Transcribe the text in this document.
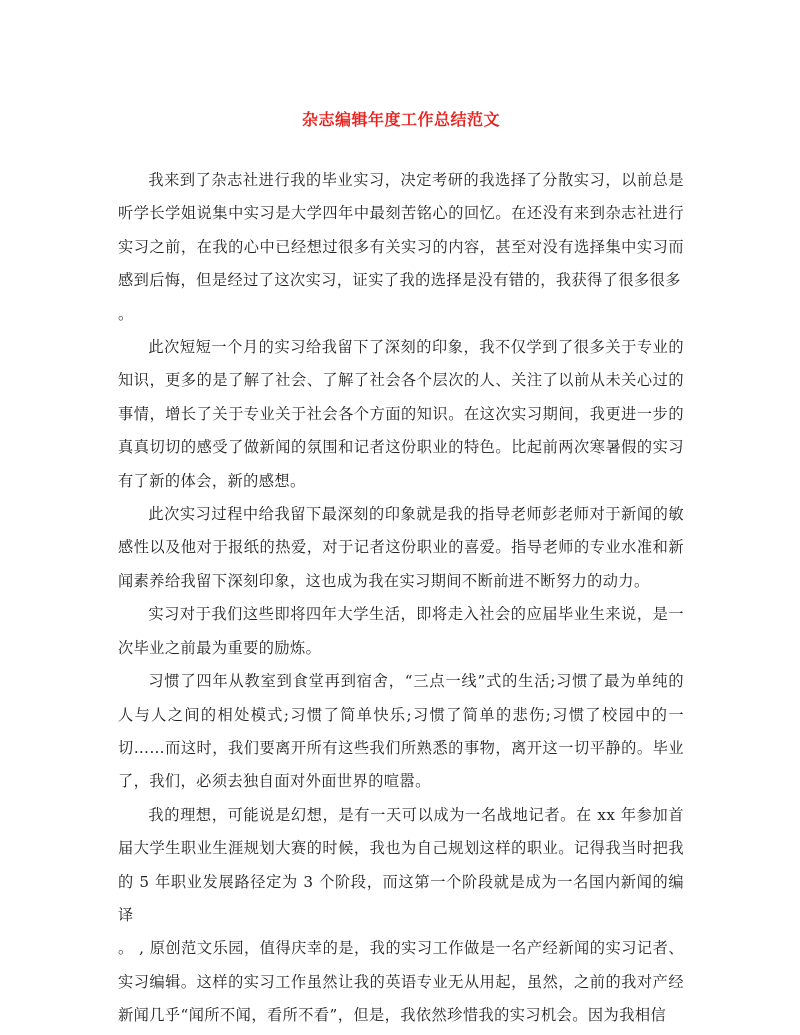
杂志编辑年度工作总结范文

我来到了杂志社进行我的毕业实习，决定考研的我选择了分散实习，以前总是听学长学姐说集中实习是大学四年中最刻苦铭心的回忆。在还没有来到杂志社进行实习之前，在我的心中已经想过很多有关实习的内容，甚至对没有选择集中实习而感到后悔，但是经过了这次实习，证实了我的选择是没有错的，我获得了很多很多

。

此次短短一个月的实习给我留下了深刻的印象，我不仅学到了很多关于专业的知识，更多的是了解了社会、了解了社会各个层次的人、关注了以前从未关心过的事情，增长了关于专业关于社会各个方面的知识。在这次实习期间，我更进一步的真真切切的感受了做新闻的氛围和记者这份职业的特色。比起前两次寒暑假的实习有了新的体会，新的感想。

此次实习过程中给我留下最深刻的印象就是我的指导老师彭老师对于新闻的敏感性以及他对于报纸的热爱，对于记者这份职业的喜爱。指导老师的专业水准和新闻素养给我留下深刻印象，这也成为我在实习期间不断前进不断努力的动力。

实习对于我们这些即将四年大学生活，即将走入社会的应届毕业生来说，是一次毕业之前最为重要的励炼。

习惯了四年从教室到食堂再到宿舍，“三点一线”式的生活;习惯了最为单纯的人与人之间的相处模式;习惯了简单快乐;习惯了简单的悲伤;习惯了校园中的一切……而这时，我们要离开所有这些我们所熟悉的事物，离开这一切平静的。毕业了，我们，必须去独自面对外面世界的喧嚣。

我的理想，可能说是幻想，是有一天可以成为一名战地记者。在 xx 年参加首届大学生职业生涯规划大赛的时候，我也为自己规划这样的职业。记得我当时把我的 5 年职业发展路径定为 3 个阶段，而这第一个阶段就是成为一名国内新闻的编译

。 , 原创范文乐园，值得庆幸的是，我的实习工作做是一名产经新闻的实习记者、实习编辑。这样的实习工作虽然让我的英语专业无从用起，虽然，之前的我对产经新闻几乎“闻所不闻，看所不看”，但是，我依然珍惜我的实习机会。因为我相信
